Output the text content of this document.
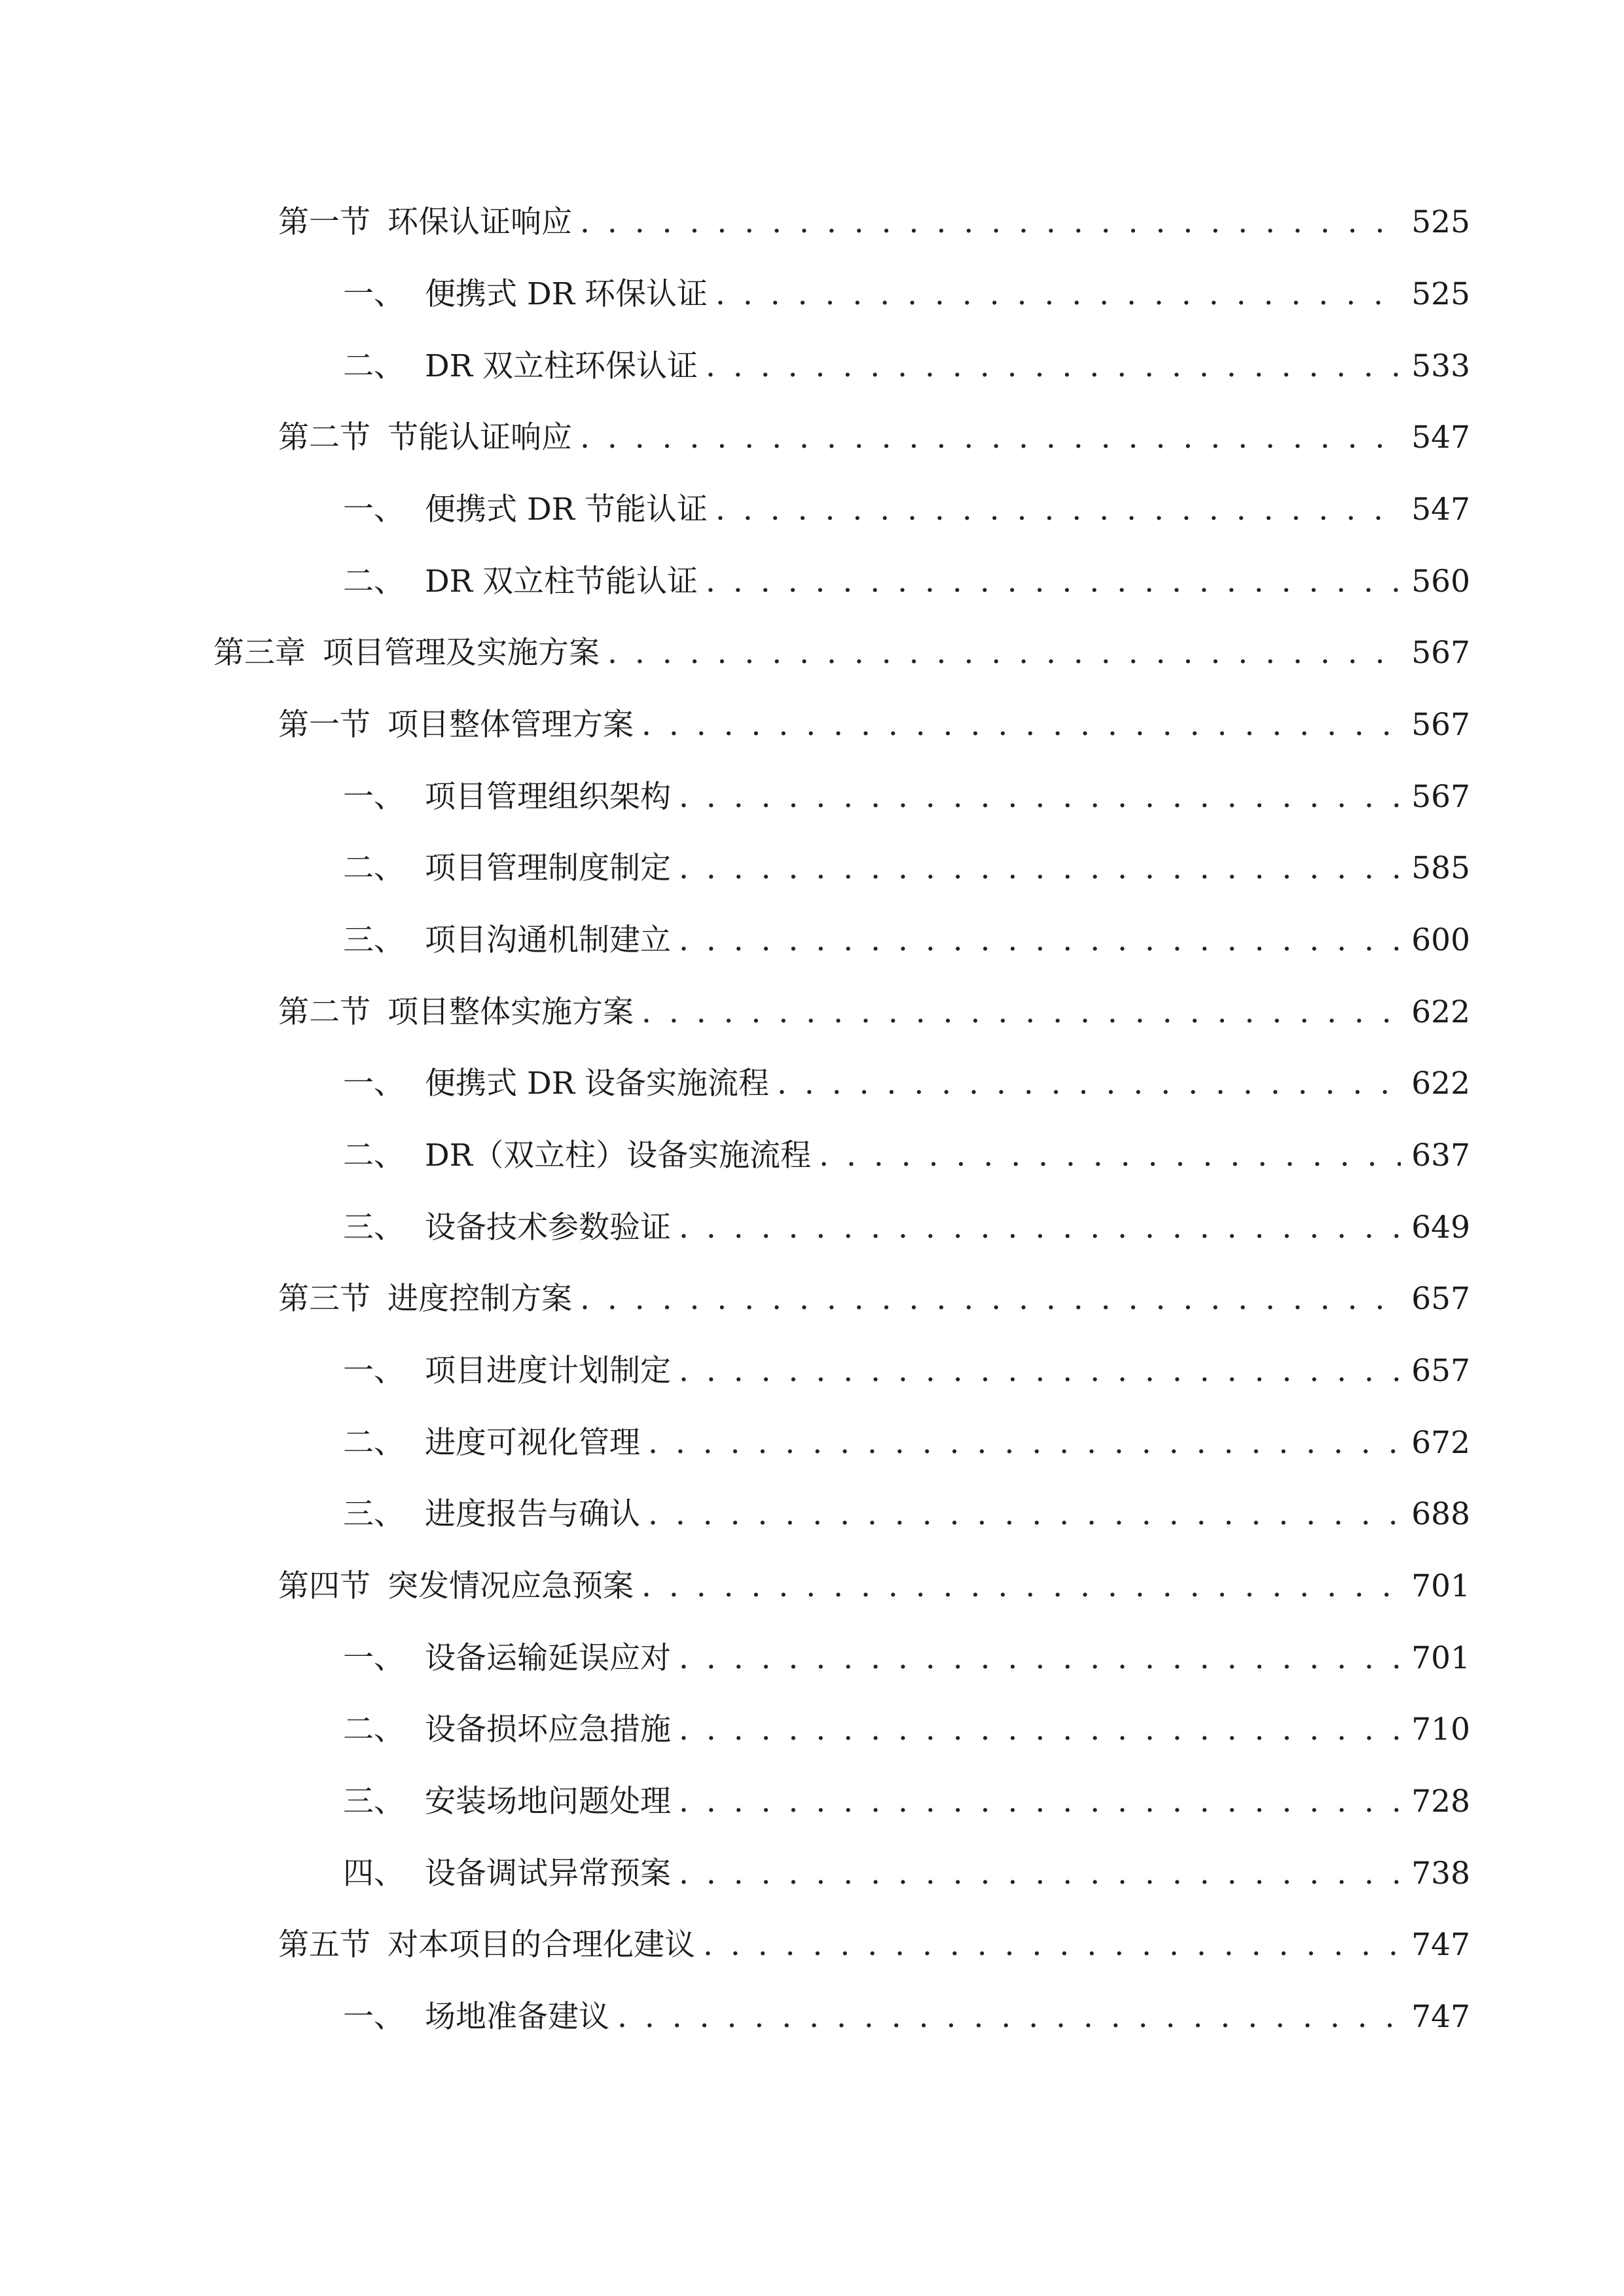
第一节 环保认证响应 . . .	525
一、 便携式 DR 环保认证 . . .	525
二、 DR 双立柱环保认证 . . .	533
第二节 节能认证响应 . . .	547
一、 便携式 DR 节能认证 . . .	547
二、 DR 双立柱节能认证 . . .	560
第三章 项目管理及实施方案 . . .	567
第一节 项目整体管理方案 . . .	567
一、 项目管理组织架构 . . .	567
二、 项目管理制度制定 . . .	585
三、 项目沟通机制建立 . . .	600
第二节 项目整体实施方案 . . .	622
一、 便携式 DR 设备实施流程 . . .	622
二、 DR（双立柱）设备实施流程 . . .	637
三、 设备技术参数验证 . . .	649
第三节 进度控制方案 . . .	657
一、 项目进度计划制定 . . .	657
二、 进度可视化管理 . . .	672
三、 进度报告与确认 . . .	688
第四节 突发情况应急预案 . . .	701
一、 设备运输延误应对 . . .	701
二、 设备损坏应急措施 . . .	710
三、 安装场地问题处理 . . .	728
四、 设备调试异常预案 . . .	738
第五节 对本项目的合理化建议 . . .	747
一、 场地准备建议 . . .	747
